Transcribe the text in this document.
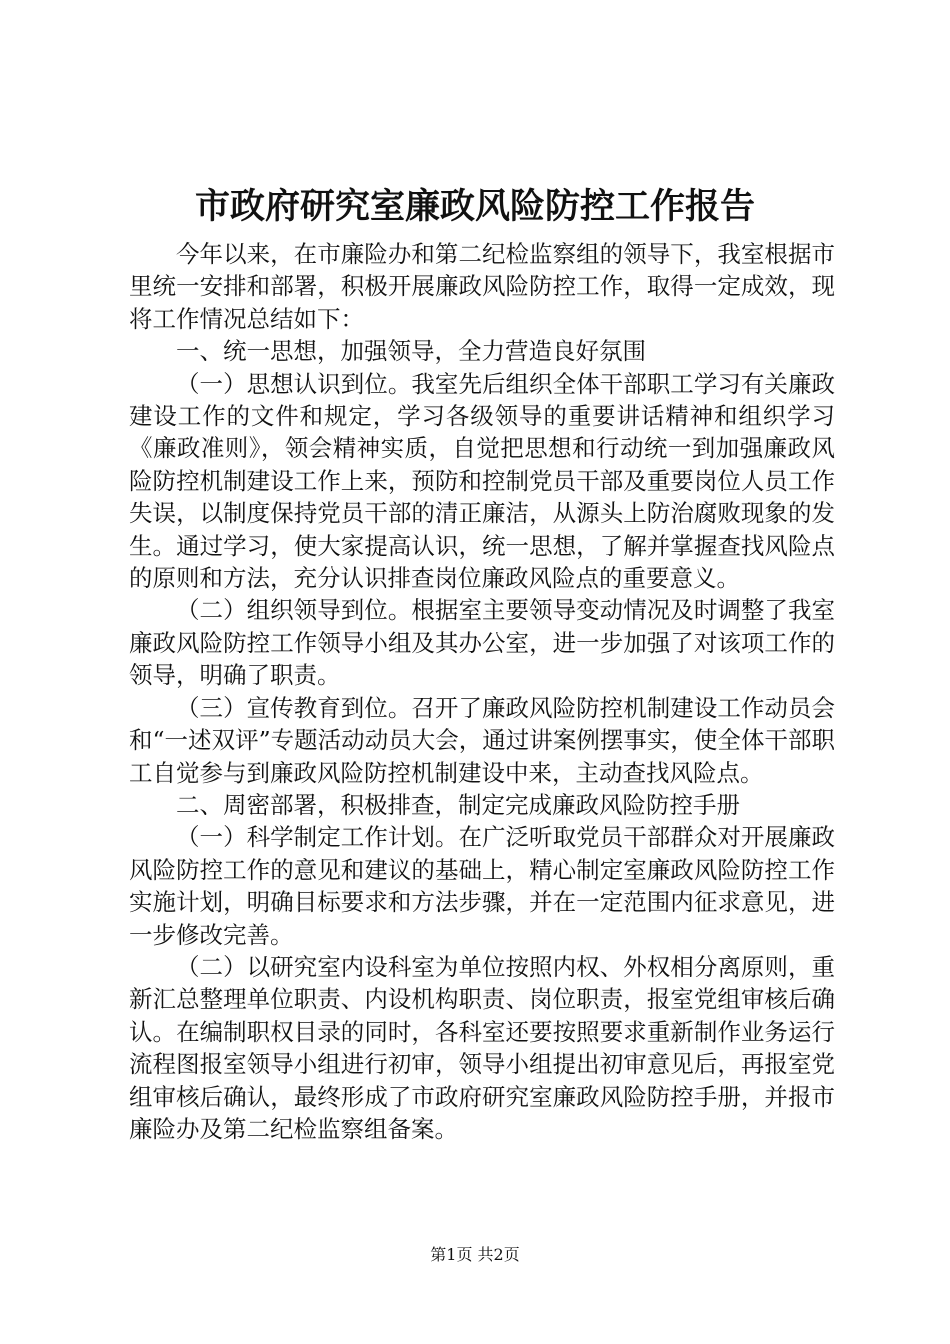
市政府研究室廉政风险防控工作报告

今年以来，在市廉险办和第二纪检监察组的领导下，我室根据市里统一安排和部署，积极开展廉政风险防控工作，取得一定成效，现将工作情况总结如下：

一、统一思想，加强领导，全力营造良好氛围

（一）思想认识到位。我室先后组织全体干部职工学习有关廉政建设工作的文件和规定，学习各级领导的重要讲话精神和组织学习《廉政准则》，领会精神实质，自觉把思想和行动统一到加强廉政风险防控机制建设工作上来，预防和控制党员干部及重要岗位人员工作失误，以制度保持党员干部的清正廉洁，从源头上防治腐败现象的发生。通过学习，使大家提高认识，统一思想，了解并掌握查找风险点的原则和方法，充分认识排查岗位廉政风险点的重要意义。

（二）组织领导到位。根据室主要领导变动情况及时调整了我室廉政风险防控工作领导小组及其办公室，进一步加强了对该项工作的领导，明确了职责。

（三）宣传教育到位。召开了廉政风险防控机制建设工作动员会和“一述双评”专题活动动员大会，通过讲案例摆事实，使全体干部职工自觉参与到廉政风险防控机制建设中来，主动查找风险点。

二、周密部署，积极排查，制定完成廉政风险防控手册

（一）科学制定工作计划。在广泛听取党员干部群众对开展廉政风险防控工作的意见和建议的基础上，精心制定室廉政风险防控工作实施计划，明确目标要求和方法步骤，并在一定范围内征求意见，进一步修改完善。

（二）以研究室内设科室为单位按照内权、外权相分离原则，重新汇总整理单位职责、内设机构职责、岗位职责，报室党组审核后确认。在编制职权目录的同时，各科室还要按照要求重新制作业务运行流程图报室领导小组进行初审，领导小组提出初审意见后，再报室党组审核后确认，最终形成了市政府研究室廉政风险防控手册，并报市廉险办及第二纪检监察组备案。

第1页 共2页
